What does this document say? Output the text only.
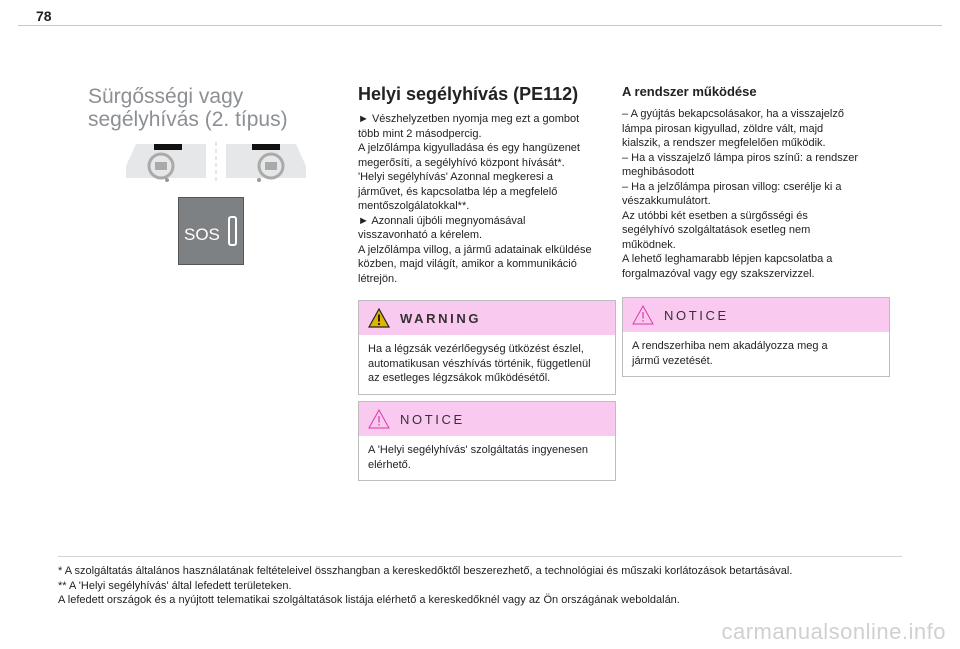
78
Sürgősségi vagy
segélyhívás (2. típus)
SOS
Helyi segélyhívás (PE112)

► Vészhelyzetben nyomja meg ezt a gombot
több mint 2 másodpercig.
A jelzőlámpa kigyulladása és egy hangüzenet
megerősíti, a segélyhívó központ hívását*.
'Helyi segélyhívás' Azonnal megkeresi a
járművet, és kapcsolatba lép a megfelelő
mentőszolgálatokkal**.
► Azonnali újbóli megnyomásával
visszavonható a kérelem.
A jelzőlámpa villog, a jármű adatainak elküldése
közben, majd világít, amikor a kommunikáció
létrejön.

WARNING
Ha a légzsák vezérlőegység ütközést észlel,
automatikusan vészhívás történik, függetlenül
az esetleges légzsákok működésétől.
NOTICE
A 'Helyi segélyhívás' szolgáltatás ingyenesen
elérhető.
A rendszer működése

– A gyújtás bekapcsolásakor, ha a visszajelző
lámpa pirosan kigyullad, zöldre vált, majd
kialszik, a rendszer megfelelően működik.
– Ha a visszajelző lámpa piros színű: a rendszer
meghibásodott
– Ha a jelzőlámpa pirosan villog: cserélje ki a
vészakkumulátort.
Az utóbbi két esetben a sürgősségi és
segélyhívó szolgáltatások esetleg nem
működnek.
A lehető leghamarabb lépjen kapcsolatba a
forgalmazóval vagy egy szakszervizzel.

NOTICE
A rendszerhiba nem akadályozza meg a
jármű vezetését.
* A szolgáltatás általános használatának feltételeivel összhangban a kereskedőktől beszerezhető, a technológiai és műszaki korlátozások betartásával.
** A 'Helyi segélyhívás' által lefedett területeken.
A lefedett országok és a nyújtott telematikai szolgáltatások listája elérhető a kereskedőknél vagy az Ön országának weboldalán.
carmanualsonline.info
